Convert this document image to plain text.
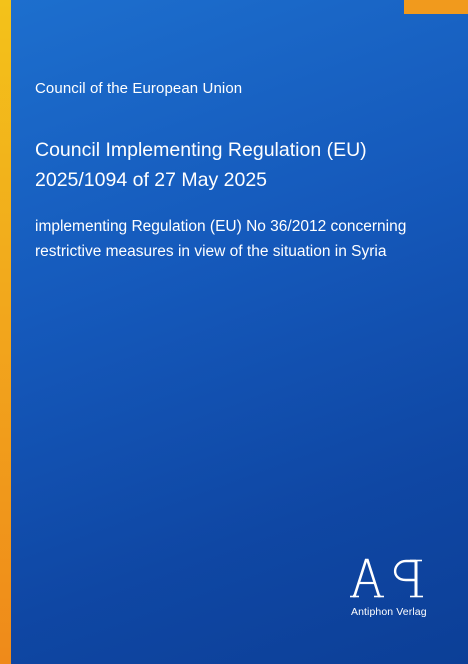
Council of the European Union
Council Implementing Regulation (EU)
2025/1094 of 27 May 2025
implementing Regulation (EU) No 36/2012 concerning
restrictive measures in view of the situation in Syria
Antiphon Verlag
